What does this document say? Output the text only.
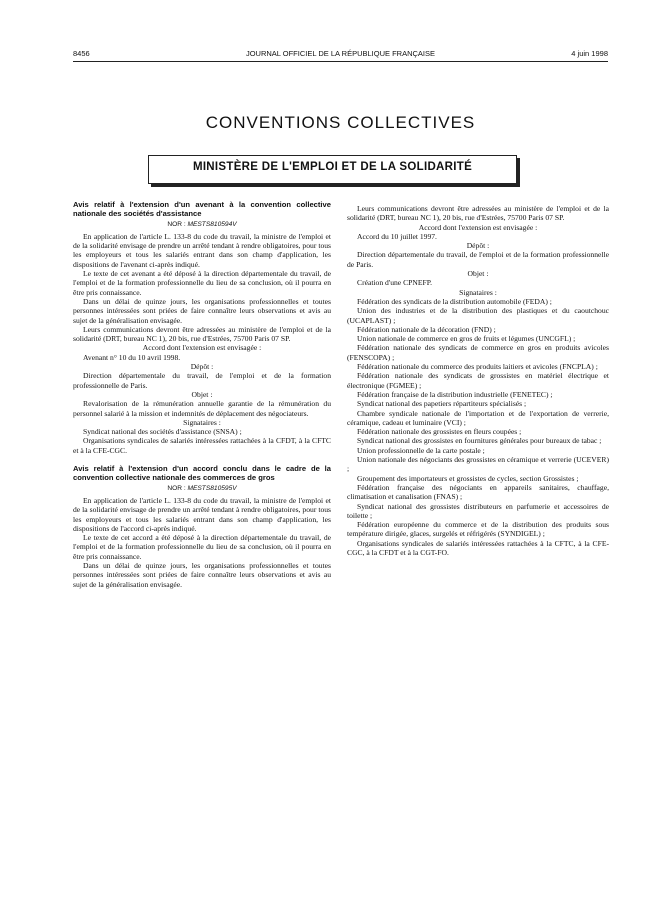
8456	JOURNAL OFFICIEL DE LA RÉPUBLIQUE FRANÇAISE	4 juin 1998
CONVENTIONS COLLECTIVES
MINISTÈRE DE L'EMPLOI ET DE LA SOLIDARITÉ

Avis relatif à l'extension d'un avenant à la convention collective nationale des sociétés d'assistance

NOR : MESTS810594V

En application de l'article L. 133-8 du code du travail, la ministre de l'emploi et de la solidarité envisage de prendre un arrêté tendant à rendre obligatoires, pour tous les employeurs et tous les salariés entrant dans son champ d'application, les dispositions de l'avenant ci-après indiqué.

Le texte de cet avenant a été déposé à la direction départementale du travail, de l'emploi et de la formation professionnelle du lieu de sa conclusion, où il pourra en être pris connaissance.

Dans un délai de quinze jours, les organisations professionnelles et toutes personnes intéressées sont priées de faire connaître leurs observations et avis au sujet de la généralisation envisagée.

Leurs communications devront être adressées au ministère de l'emploi et de la solidarité (DRT, bureau NC 1), 20 bis, rue d'Estrées, 75700 Paris 07 SP.

Accord dont l'extension est envisagée :

Avenant n° 10 du 10 avril 1998.

Dépôt :

Direction départementale du travail, de l'emploi et de la formation professionnelle de Paris.

Objet :

Revalorisation de la rémunération annuelle garantie de la rémunération du personnel salarié à la mission et indemnités de déplacement des négociateurs.

Signataires :

Syndicat national des sociétés d'assistance (SNSA) ;

Organisations syndicales de salariés intéressées rattachées à la CFDT, à la CFTC et à la CFE-CGC.

Avis relatif à l'extension d'un accord conclu dans le cadre de la convention collective nationale des commerces de gros

NOR : MESTS810595V

En application de l'article L. 133-8 du code du travail, la ministre de l'emploi et de la solidarité envisage de prendre un arrêté tendant à rendre obligatoires, pour tous les employeurs et tous les salariés entrant dans son champ d'application, les dispositions de l'accord ci-après indiqué.

Le texte de cet accord a été déposé à la direction départementale du travail, de l'emploi et de la formation professionnelle du lieu de sa conclusion, où il pourra en être pris connaissance.

Dans un délai de quinze jours, les organisations professionnelles et toutes personnes intéressées sont priées de faire connaître leurs observations et avis au sujet de la généralisation envisagée.

Leurs communications devront être adressées au ministère de l'emploi et de la solidarité (DRT, bureau NC 1), 20 bis, rue d'Estrées, 75700 Paris 07 SP.

Accord dont l'extension est envisagée :

Accord du 10 juillet 1997.

Dépôt :

Direction départementale du travail, de l'emploi et de la formation professionnelle de Paris.

Objet :

Création d'une CPNEFP.

Signataires :

Fédération des syndicats de la distribution automobile (FEDA) ;

Union des industries et de la distribution des plastiques et du caoutchouc (UCAPLAST) ;

Fédération nationale de la décoration (FND) ;

Union nationale de commerce en gros de fruits et légumes (UNCGFL) ;

Fédération nationale des syndicats de commerce en gros en produits avicoles (FENSCOPA) ;

Fédération nationale du commerce des produits laitiers et avicoles (FNCPLA) ;

Fédération nationale des syndicats de grossistes en matériel électrique et électronique (FGMEE) ;

Fédération française de la distribution industrielle (FENETEC) ;

Syndicat national des papetiers répartiteurs spécialisés ;

Chambre syndicale nationale de l'importation et de l'exportation de verrerie, céramique, cadeau et luminaire (VCI) ;

Fédération nationale des grossistes en fleurs coupées ;

Syndicat national des grossistes en fournitures générales pour bureaux de tabac ;

Union professionnelle de la carte postale ;

Union nationale des négociants des grossistes en céramique et verrerie (UCEVER) ;

Groupement des importateurs et grossistes de cycles, section Grossistes ;

Fédération française des négociants en appareils sanitaires, chauffage, climatisation et canalisation (FNAS) ;

Syndicat national des grossistes distributeurs en parfumerie et accessoires de toilette ;

Fédération européenne du commerce et de la distribution des produits sous température dirigée, glaces, surgelés et réfrigérés (SYNDIGEL) ;

Organisations syndicales de salariés intéressées rattachées à la CFTC, à la CFE-CGC, à la CFDT et à la CGT-FO.
